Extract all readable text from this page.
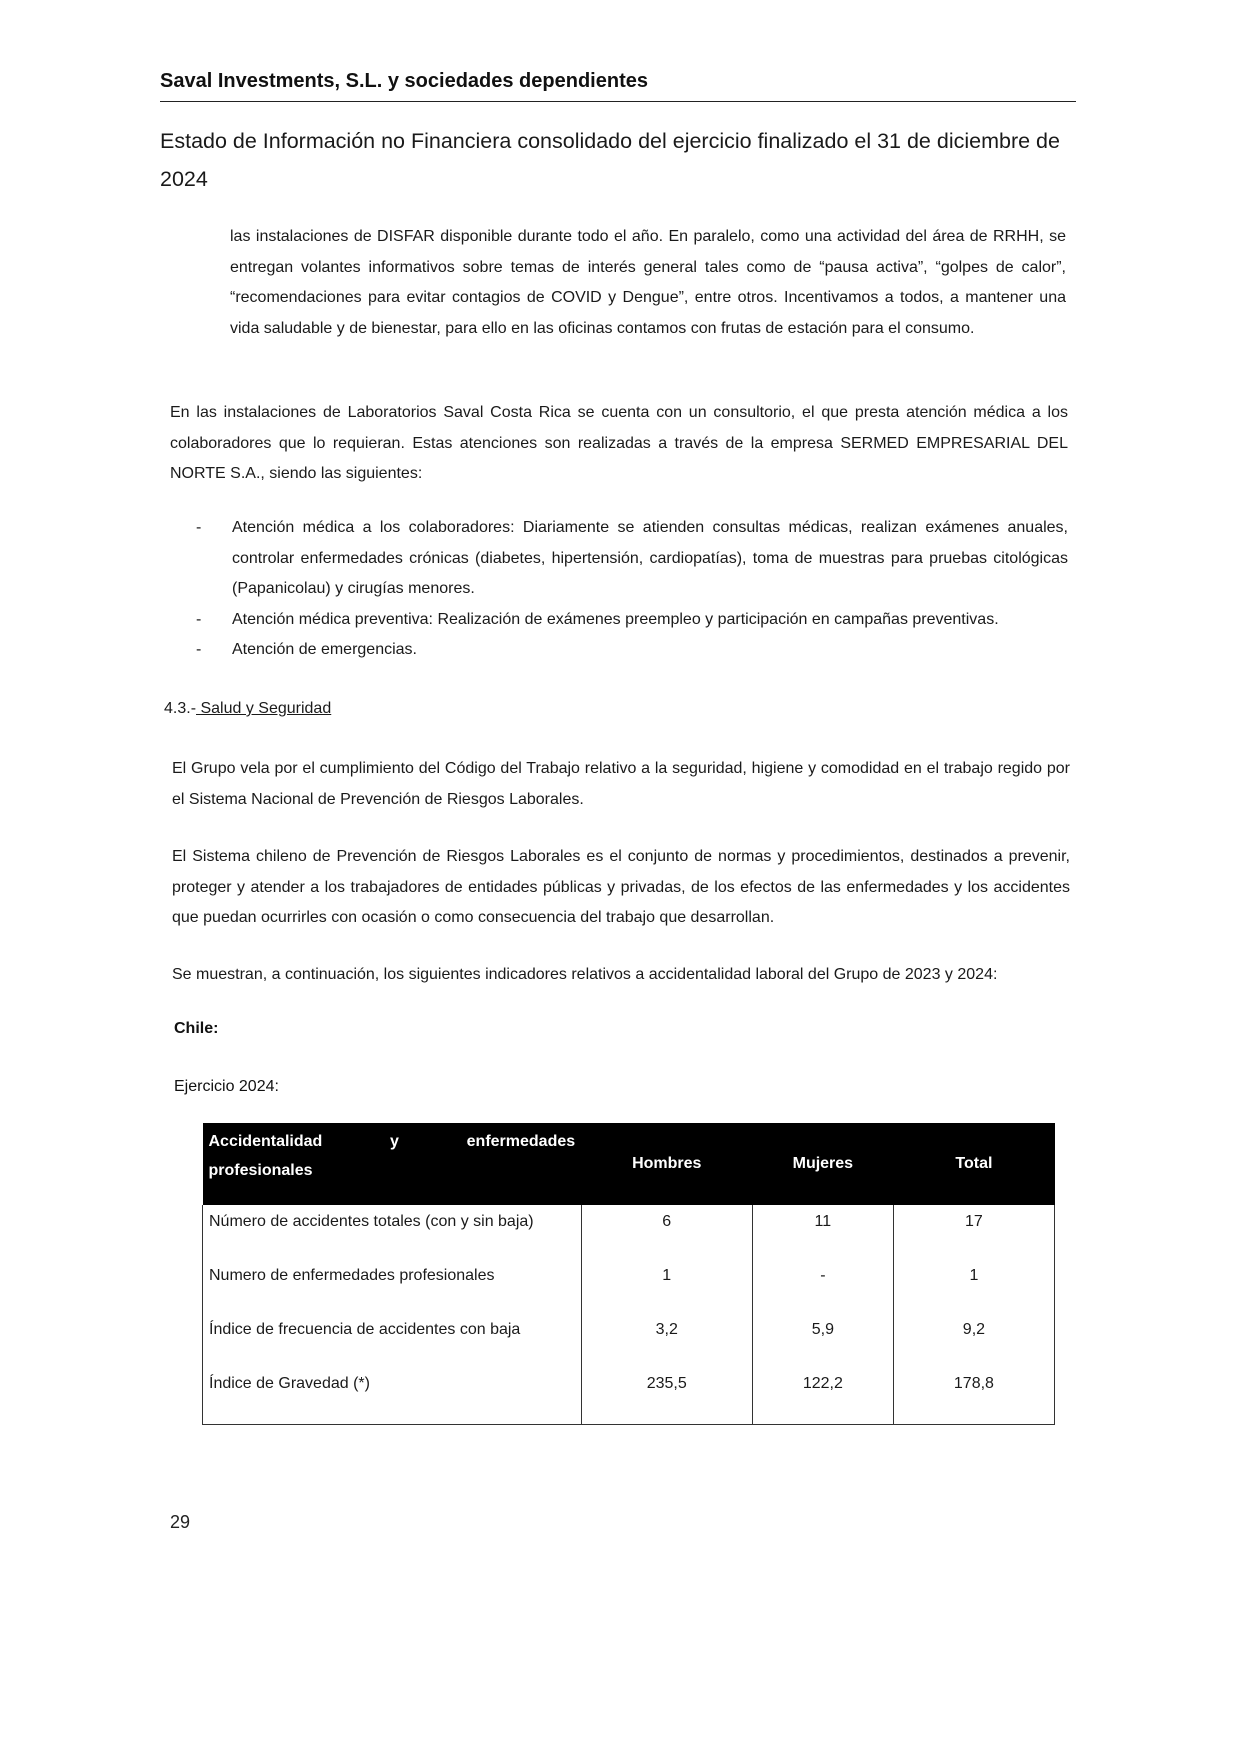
Saval Investments, S.L. y sociedades dependientes
Estado de Información no Financiera consolidado del ejercicio finalizado el 31 de diciembre de 2024

las instalaciones de DISFAR disponible durante todo el año. En paralelo, como una actividad del área de RRHH, se entregan volantes informativos sobre temas de interés general tales como de “pausa activa”, “golpes de calor”, “recomendaciones para evitar contagios de COVID y Dengue”, entre otros. Incentivamos a todos, a mantener una vida saludable y de bienestar, para ello en las oficinas contamos con frutas de estación para el consumo.

En las instalaciones de Laboratorios Saval Costa Rica se cuenta con un consultorio, el que presta atención médica a los colaboradores que lo requieran. Estas atenciones son realizadas a través de la empresa SERMED EMPRESARIAL DEL NORTE S.A., siendo las siguientes:

- Atención médica a los colaboradores: Diariamente se atienden consultas médicas, realizan exámenes anuales, controlar enfermedades crónicas (diabetes, hipertensión, cardiopatías), toma de muestras para pruebas citológicas (Papanicolau) y cirugías menores.
- Atención médica preventiva: Realización de exámenes preempleo y participación en campañas preventivas.
- Atención de emergencias.
4.3.- Salud y Seguridad

El Grupo vela por el cumplimiento del Código del Trabajo relativo a la seguridad, higiene y comodidad en el trabajo regido por el Sistema Nacional de Prevención de Riesgos Laborales.

El Sistema chileno de Prevención de Riesgos Laborales es el conjunto de normas y procedimientos, destinados a prevenir, proteger y atender a los trabajadores de entidades públicas y privadas, de los efectos de las enfermedades y los accidentes que puedan ocurrirles con ocasión o como consecuencia del trabajo que desarrollan.

Se muestran, a continuación, los siguientes indicadores relativos a accidentalidad laboral del Grupo de 2023 y 2024:

Chile:
Ejercicio 2024:
Accidentalidad y enfermedades
profesionales	Hombres	Mujeres	Total
Número de accidentes totales (con y sin baja)	6	11	17
Numero de enfermedades profesionales	1	-	1
Índice de frecuencia de accidentes con baja	3,2	5,9	9,2
Índice de Gravedad (*)	235,5	122,2	178,8
29
